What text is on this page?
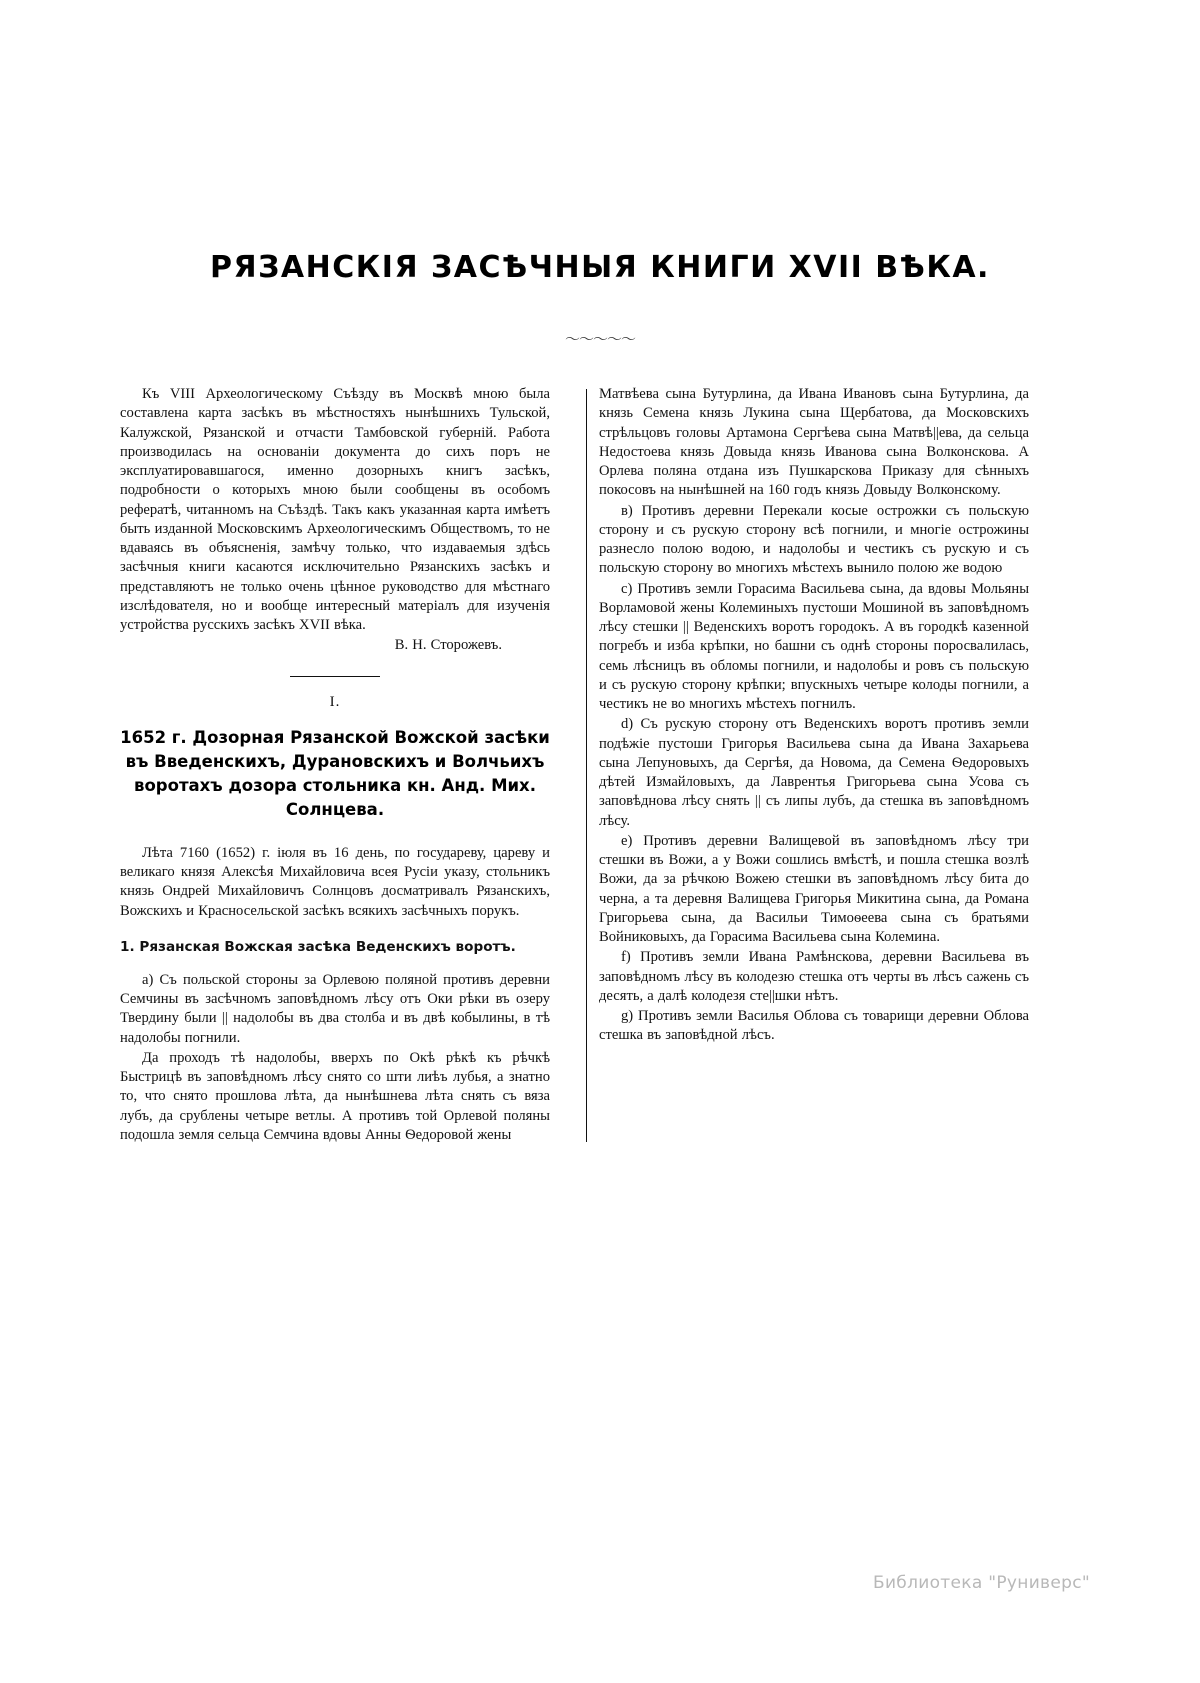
РЯЗАНСКІЯ ЗАСѢЧНЫЯ КНИГИ XVII ВѢКА.
〜〜〜〜〜

Къ VIII Археологическому Съѣзду въ Москвѣ мною была составлена карта засѣкъ въ мѣстностяхъ нынѣшнихъ Тульской, Калужской, Рязанской и отчасти Тамбовской губерній. Работа производилась на основаніи документа до сихъ поръ не эксплуатировавшагося, именно дозорныхъ книгъ засѣкъ, подробности о которыхъ мною были сообщены въ особомъ рефератѣ, читанномъ на Съѣздѣ. Такъ какъ указанная карта имѣетъ быть изданной Московскимъ Археологическимъ Обществомъ, то не вдаваясь въ объясненія, замѣчу только, что издаваемыя здѣсь засѣчныя книги касаются исключительно Рязанскихъ засѣкъ и представляютъ не только очень цѣнное руководство для мѣстнаго изслѣдователя, но и вообще интересный матеріалъ для изученія устройства русскихъ засѣкъ XVII вѣка.

В. Н. Сторожевъ.

I.
1652 г. Дозорная Рязанской Вожской засѣки въ Введенскихъ, Дурановскихъ и Волчьихъ воротахъ дозора стольника кн. Анд. Мих. Солнцева.

Лѣта 7160 (1652) г. іюля въ 16 день, по государеву, цареву и великаго князя Алексѣя Михайловича всея Русіи указу, стольникъ князь Ондрей Михайловичъ Солнцовъ досматривалъ Рязанскихъ, Вожскихъ и Красносельской засѣкъ всякихъ засѣчныхъ порукъ.

1. Рязанская Вожская засѣка Веденскихъ воротъ.

а) Съ польской стороны за Орлевою поляной противъ деревни Семчины въ засѣчномъ заповѣдномъ лѣсу отъ Оки рѣки въ озеру Твердину были || надолобы въ два столба и въ двѣ кобылины, в тѣ надолобы погнили.

Да проходъ тѣ надолобы, вверхъ по Окѣ рѣкѣ къ рѣчкѣ Быстрицѣ въ заповѣдномъ лѣсу снято со шти лиѣъ лубья, а знатно то, что снято прошлова лѣта, да нынѣшнева лѣта снять съ вяза лубъ, да срублены четыре ветлы. А противъ той Орлевой поляны подошла земля сельца Семчина вдовы Анны Ѳедоровой жены

Матвѣева сына Бутурлина, да Ивана Ивановъ сына Бутурлина, да князь Семена князь Лукина сына Щербатова, да Московскихъ стрѣльцовъ головы Артамона Сергѣева сына Матвѣ||ева, да сельца Недостоева князь Довыда князь Иванова сына Волконскова. А Орлева поляна отдана изъ Пушкарскова Приказу для сѣнныхъ покосовъ на нынѣшней на 160 годъ князь Довыду Волконскому.

в) Противъ деревни Перекали косые острожки съ польскую сторону и съ рускую сторону всѣ погнили, и многіе острожины разнесло полою водою, и надолобы и честикъ съ рускую и съ польскую сторону во многихъ мѣстехъ вынило полою же водою

с) Противъ земли Горасима Васильева сына, да вдовы Мольяны Ворламовой жены Колеминыхъ пустоши Мошиной въ заповѣдномъ лѣсу стешки || Веденскихъ воротъ городокъ. А въ городкѣ казенной погребъ и изба крѣпки, но башни съ однѣ стороны поросвалилась, семь лѣсницъ въ обломы погнили, и надолобы и ровъ съ польскую и съ рускую сторону крѣпки; впускныхъ четыре колоды погнили, а честикъ не во многихъ мѣстехъ погнилъ.

d) Съ рускую сторону отъ Веденскихъ воротъ противъ земли подѣжіе пустоши Григорья Васильева сына да Ивана Захарьева сына Лепуновыхъ, да Сергѣя, да Новома, да Семена Ѳедоровыхъ дѣтей Измайловыхъ, да Лаврентья Григорьева сына Усова съ заповѣднова лѣсу снять || съ липы лубъ, да стешка въ заповѣдномъ лѣсу.

е) Противъ деревни Валищевой въ заповѣдномъ лѣсу три стешки въ Вожи, а у Вожи сошлись вмѣстѣ, и пошла стешка возлѣ Вожи, да за рѣчкою Вожею стешки въ заповѣдномъ лѣсу бита до черна, а та деревня Валищева Григорья Микитина сына, да Романа Григорьева сына, да Васильи Тимоѳеева сына съ братьями Войниковыхъ, да Горасима Васильева сына Колемина.

f) Противъ земли Ивана Рамѣнскова, деревни Васильева въ заповѣдномъ лѣсу въ колодезю стешка отъ черты въ лѣсъ сажень съ десять, а далѣ колодезя сте||шки нѣтъ.

g) Противъ земли Василья Облова съ товарищи деревни Облова стешка въ заповѣдной лѣсъ.

Библиотека "Руниверс"
